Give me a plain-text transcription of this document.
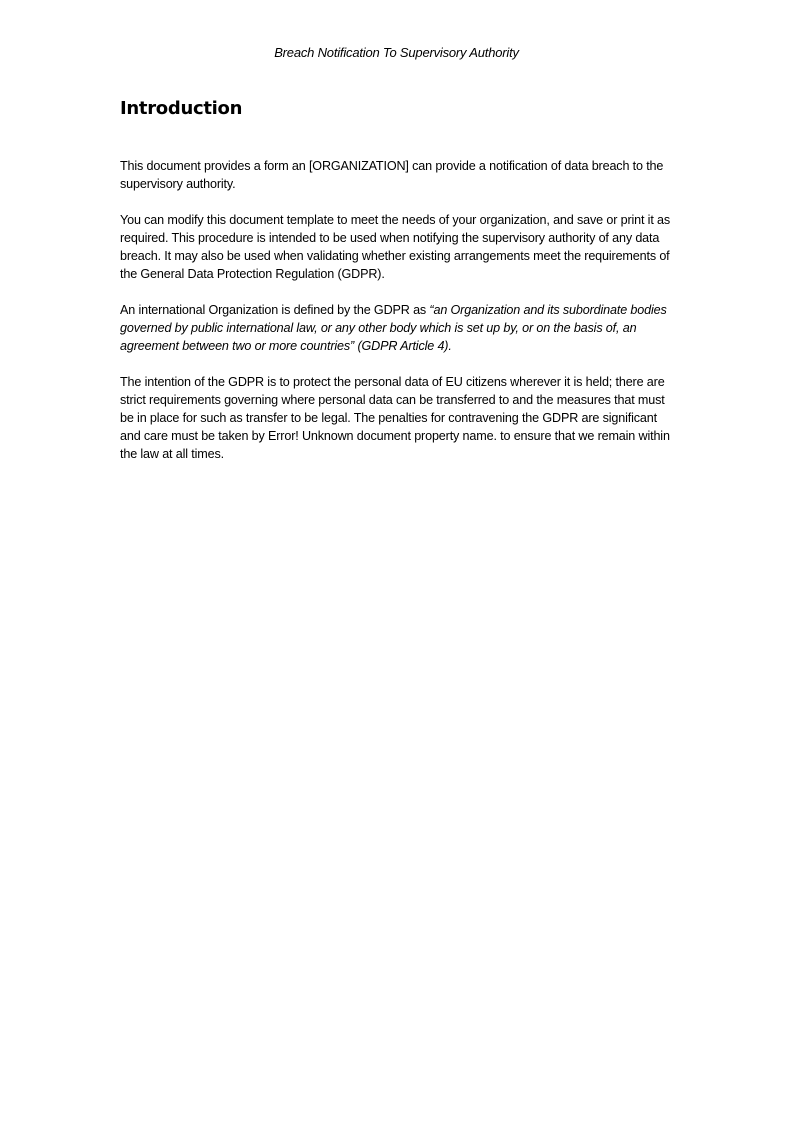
Breach Notification To Supervisory Authority
Introduction

This document provides a form an [ORGANIZATION] can provide a notification of data breach to the supervisory authority.

You can modify this document template to meet the needs of your organization, and save or print it as required. This procedure is intended to be used when notifying the supervisory authority of any data breach. It may also be used when validating whether existing arrangements meet the requirements of the General Data Protection Regulation (GDPR).

An international Organization is defined by the GDPR as “an Organization and its subordinate bodies governed by public international law, or any other body which is set up by, or on the basis of, an agreement between two or more countries” (GDPR Article 4).

The intention of the GDPR is to protect the personal data of EU citizens wherever it is held; there are strict requirements governing where personal data can be transferred to and the measures that must be in place for such as transfer to be legal. The penalties for contravening the GDPR are significant and care must be taken by Error! Unknown document property name. to ensure that we remain within the law at all times.
